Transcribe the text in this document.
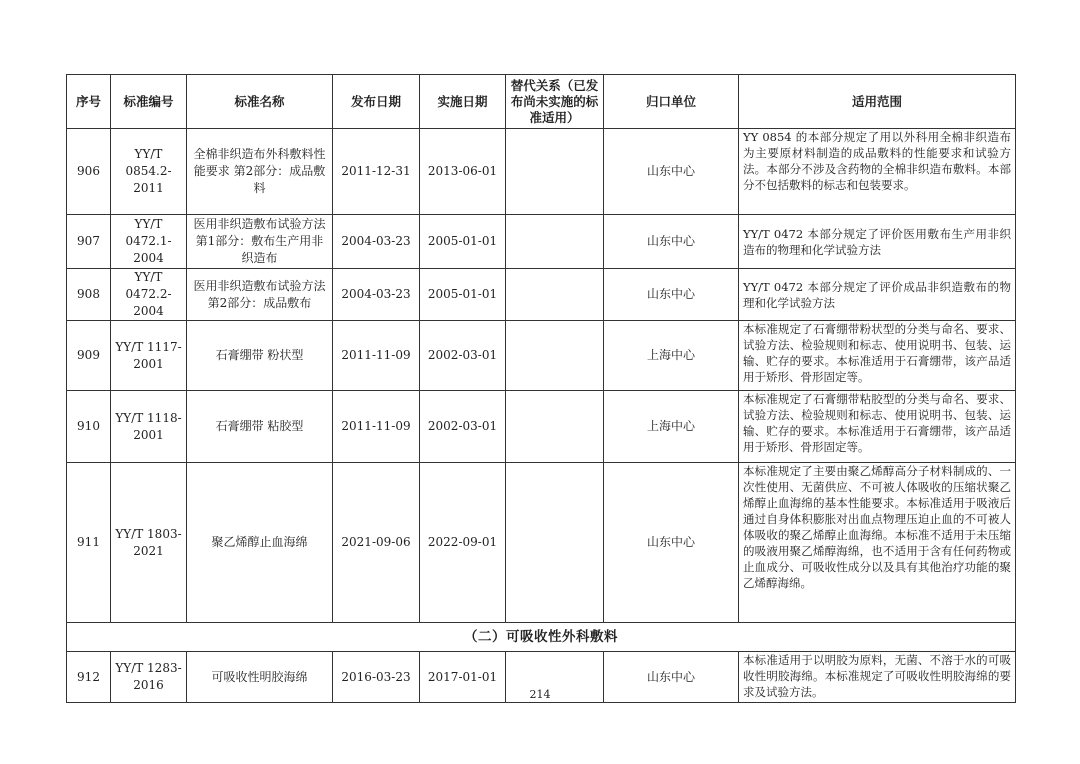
序号	标准编号	标准名称	发布日期	实施日期	替代关系（已发布尚未实施的标准适用）	归口单位	适用范围
906	YY/T 0854.2-2011	全棉非织造布外科敷料性能要求 第2部分：成品敷料	2011-12-31	2013-06-01		山东中心	YY 0854 的本部分规定了用以外科用全棉非织造布为主要原材料制造的成品敷料的性能要求和试验方法。本部分不涉及含药物的全棉非织造布敷料。本部分不包括敷料的标志和包装要求。
907	YY/T 0472.1-2004	医用非织造敷布试验方法 第1部分：敷布生产用非织造布	2004-03-23	2005-01-01		山东中心	YY/T 0472 本部分规定了评价医用敷布生产用非织造布的物理和化学试验方法
908	YY/T 0472.2-2004	医用非织造敷布试验方法 第2部分：成品敷布	2004-03-23	2005-01-01		山东中心	YY/T 0472 本部分规定了评价成品非织造敷布的物理和化学试验方法
909	YY/T 1117-2001	石膏绷带 粉状型	2011-11-09	2002-03-01		上海中心	本标准规定了石膏绷带粉状型的分类与命名、要求、试验方法、检验规则和标志、使用说明书、包装、运输、贮存的要求。本标准适用于石膏绷带，该产品适用于矫形、骨形固定等。
910	YY/T 1118-2001	石膏绷带 粘胶型	2011-11-09	2002-03-01		上海中心	本标准规定了石膏绷带粘胶型的分类与命名、要求、试验方法、检验规则和标志、使用说明书、包装、运输、贮存的要求。本标准适用于石膏绷带，该产品适用于矫形、骨形固定等。
911	YY/T 1803-2021	聚乙烯醇止血海绵	2021-09-06	2022-09-01		山东中心	本标准规定了主要由聚乙烯醇高分子材料制成的、一次性使用、无菌供应、不可被人体吸收的压缩状聚乙烯醇止血海绵的基本性能要求。本标准适用于吸液后通过自身体积膨胀对出血点物理压迫止血的不可被人体吸收的聚乙烯醇止血海绵。本标准不适用于未压缩的吸液用聚乙烯醇海绵，也不适用于含有任何药物或止血成分、可吸收性成分以及具有其他治疗功能的聚乙烯醇海绵。
（二）可吸收性外科敷料							
912	YY/T 1283-2016	可吸收性明胶海绵	2016-03-23	2017-01-01		山东中心	本标准适用于以明胶为原料，无菌、不溶于水的可吸收性明胶海绵。本标准规定了可吸收性明胶海绵的要求及试验方法。
214
